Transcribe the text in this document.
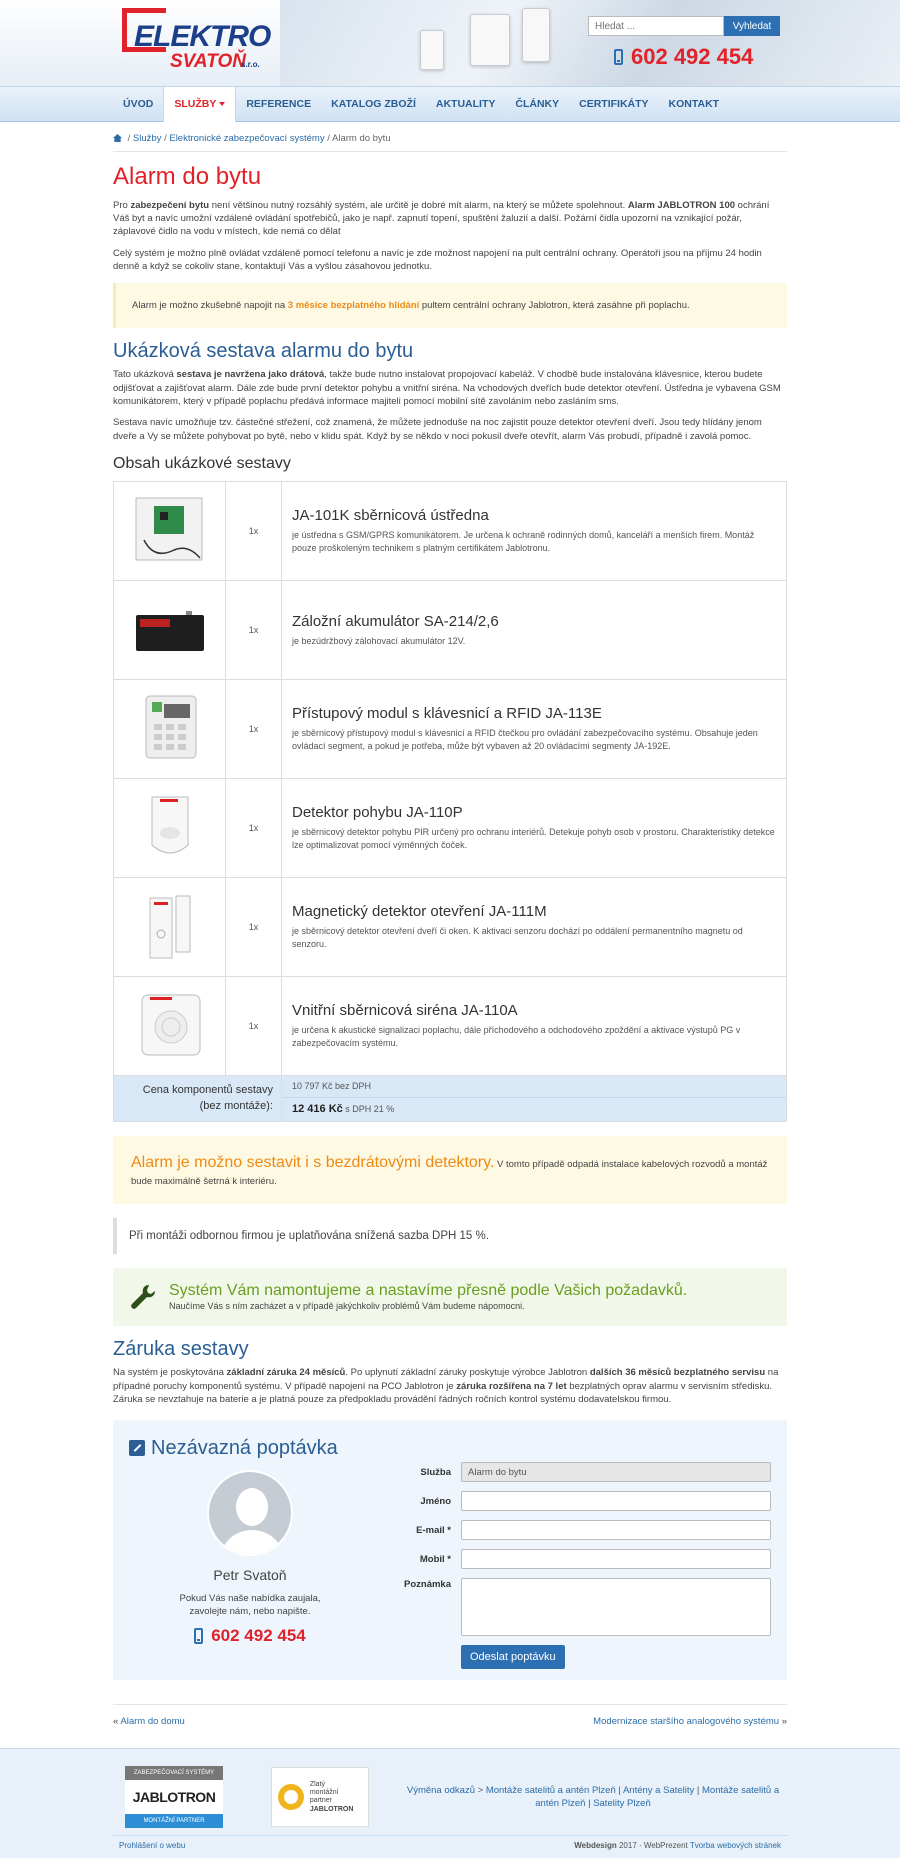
ELEKTRO
SVATOŇ
s.r.o.
Hledat ...
Vyhledat
602 492 454
ÚVOD	SLUŽBY	REFERENCE	KATALOG ZBOŽÍ	AKTUALITY	ČLÁNKY	CERTIFIKÁTY	KONTAKT
/ Služby / Elektronické zabezpečovací systémy / Alarm do bytu
Alarm do bytu

Pro zabezpečení bytu není většinou nutný rozsáhlý systém, ale určitě je dobré mít alarm, na který se můžete spolehnout. Alarm JABLOTRON 100 ochrání Váš byt a navíc umožní vzdálené ovládání spotřebičů, jako je např. zapnutí topení, spuštění žaluzií a další. Požární čidla upozorní na vznikající požár, záplavové čidlo na vodu v místech, kde nemá co dělat

Celý systém je možno plně ovládat vzdáleně pomocí telefonu a navíc je zde možnost napojení na pult centrální ochrany. Operátoři jsou na příjmu 24 hodin denně a když se cokoliv stane, kontaktují Vás a vyšlou zásahovou jednotku.

Alarm je možno zkušebně napojit na 3 měsíce bezplatného hlídání pultem centrální ochrany Jablotron, která zasáhne při poplachu.
Ukázková sestava alarmu do bytu

Tato ukázková sestava je navržena jako drátová, takže bude nutno instalovat propojovací kabeláž. V chodbě bude instalována klávesnice, kterou budete odjišťovat a zajišťovat alarm. Dále zde bude první detektor pohybu a vnitřní siréna. Na vchodových dveřích bude detektor otevření. Ústředna je vybavena GSM komunikátorem, který v případě poplachu předává informace majiteli pomocí mobilní sítě zavoláním nebo zasláním sms.

Sestava navíc umožňuje tzv. částečné střežení, což znamená, že můžete jednoduše na noc zajistit pouze detektor otevření dveří. Jsou tedy hlídány jenom dveře a Vy se můžete pohybovat po bytě, nebo v klidu spát. Když by se někdo v noci pokusil dveře otevřít, alarm Vás probudí, případně i zavolá pomoc.

Obsah ukázkové sestavy
	1x	JA-101K sběrnicová ústředna
je ústředna s GSM/GPRS komunikátorem. Je určena k ochraně rodinných domů, kanceláří a menších firem. Montáž pouze proškoleným technikem s platným certifikátem Jablotronu.

	1x	Záložní akumulátor SA-214/2,6
je bezúdržbový zálohovací akumulátor 12V.

	1x	Přístupový modul s klávesnicí a RFID JA-113E
je sběrnicový přístupový modul s klávesnicí a RFID čtečkou pro ovládání zabezpečovacího systému. Obsahuje jeden ovládací segment, a pokud je potřeba, může být vybaven až 20 ovládacími segmenty JA-192E.

	1x	Detektor pohybu JA-110P
je sběrnicový detektor pohybu PIR určený pro ochranu interiérů. Detekuje pohyb osob v prostoru. Charakteristiky detekce lze optimalizovat pomocí výměnných čoček.

	1x	Magnetický detektor otevření JA-111M
je sběrnicový detektor otevření dveří či oken. K aktivaci senzoru dochází po oddálení permanentního magnetu od senzoru.

	1x	Vnitřní sběrnicová siréna JA-110A
je určena k akustické signalizaci poplachu, dále příchodového a odchodového zpoždění a aktivace výstupů PG v zabezpečovacím systému.

Cena komponentů sestavy (bez montáže):		10 797 Kč bez DPH
12 416 Kč s DPH 21 %
Alarm je možno sestavit i s bezdrátovými detektory. V tomto případě odpadá instalace kabelových rozvodů a montáž bude maximálně šetrná k interiéru.
Při montáži odbornou firmou je uplatňována snížená sazba DPH 15 %.
Systém Vám namontujeme a nastavíme přesně podle Vašich požadavků.
Naučíme Vás s ním zacházet a v případě jakýchkoliv problémů Vám budeme nápomocni.
Záruka sestavy

Na systém je poskytována základní záruka 24 měsíců. Po uplynutí základní záruky poskytuje výrobce Jablotron dalších 36 měsíců bezplatného servisu na případné poruchy komponentů systému. V případě napojení na PCO Jablotron je záruka rozšířena na 7 let bezplatných oprav alarmu v servisním středisku. Záruka se nevztahuje na baterie a je platná pouze za předpokladu provádění řádných ročních kontrol systému dodavatelskou firmou.

Nezávazná poptávka
Petr Svatoň
Pokud Vás naše nabídka zaujala, zavolejte nám, nebo napište.
602 492 454
Služba
Alarm do bytu
Jméno
E-mail *
Mobil *
Poznámka
Odeslat poptávku
« Alarm do domu	Modernizace staršího analogového systému »
ZABEZPEČOVACÍ SYSTÉMY
JABLOTRON
MONTÁŽNÍ PARTNER
Zlatý
montážní partner
JABLOTRON
Výměna odkazů > Montáže satelitů a antén Plzeň | Antény a Satelity | Montáže satelitů a antén Plzeň | Satelity Plzeň
Prohlášení o webu	Webdesign 2017 · WebPrezent Tvorba webových stránek
